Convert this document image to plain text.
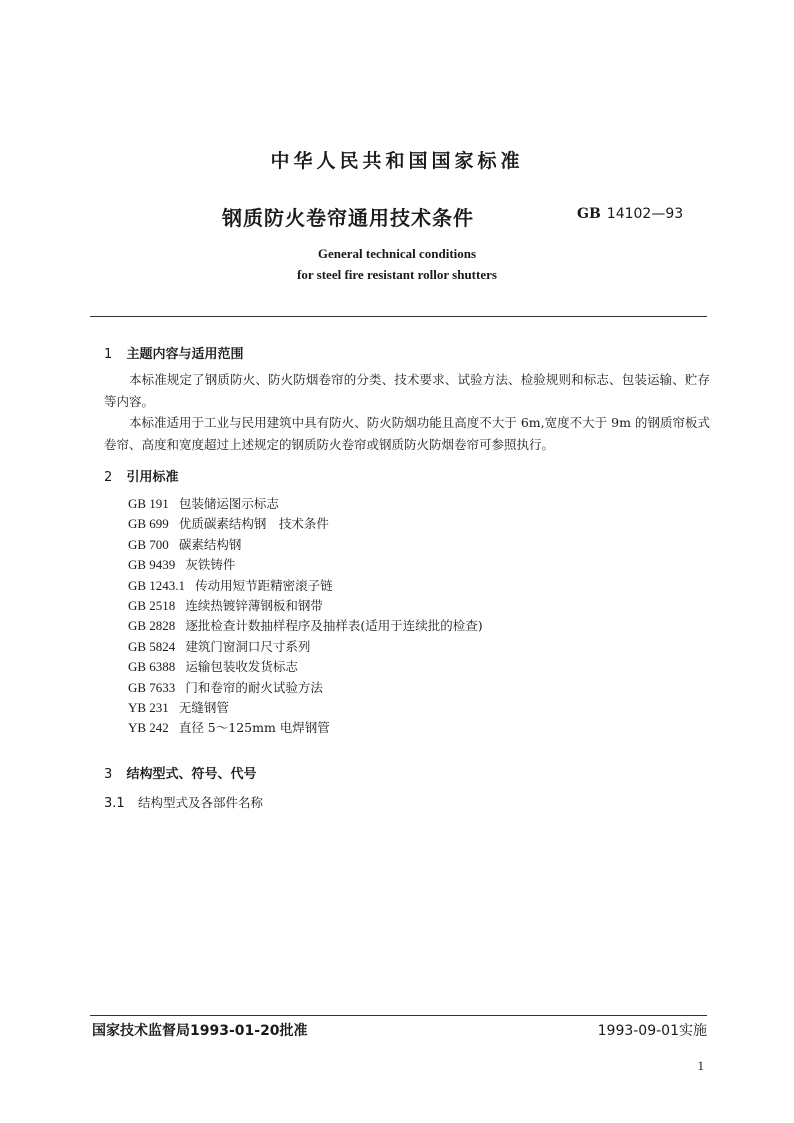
中华人民共和国国家标准
钢质防火卷帘通用技术条件	GB 14102—93
General technical conditions
for steel fire resistant rollor shutters
1 主题内容与适用范围
本标准规定了钢质防火、防火防烟卷帘的分类、技术要求、试验方法、检验规则和标志、包装运输、贮存等内容。
本标准适用于工业与民用建筑中具有防火、防火防烟功能且高度不大于 6m,宽度不大于 9m 的钢质帘板式卷帘、高度和宽度超过上述规定的钢质防火卷帘或钢质防火防烟卷帘可参照执行。
2 引用标准
GB 191 包装储运图示标志
GB 699 优质碳素结构钢　技术条件
GB 700 碳素结构钢
GB 9439 灰铁铸件
GB 1243.1 传动用短节距精密滚子链
GB 2518 连续热镀锌薄钢板和钢带
GB 2828 逐批检查计数抽样程序及抽样表(适用于连续批的检查)
GB 5824 建筑门窗洞口尺寸系列
GB 6388 运输包装收发货标志
GB 7633 门和卷帘的耐火试验方法
YB 231 无缝钢管
YB 242 直径 5～125mm 电焊钢管
3 结构型式、符号、代号
3.1 结构型式及各部件名称
国家技术监督局1993-01-20批准	1993-09-01实施
1
